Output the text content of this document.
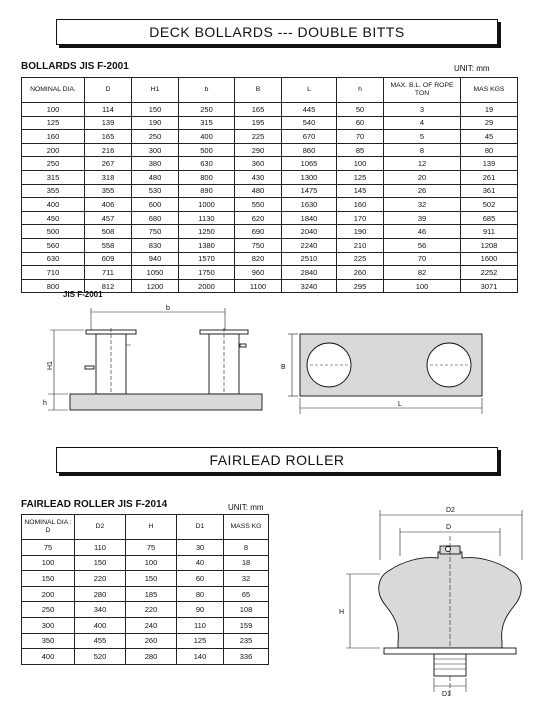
DECK BOLLARDS --- DOUBLE BITTS
BOLLARDS JIS F-2001	UNIT: mm
NOMINAL DIA.	D	H1	b	B	L	h	MAX. B.L. OF ROPE TON	MAS KGS
100	114	150	250	165	445	50	3	19
125	139	190	315	195	540	60	4	29
160	165	250	400	225	670	70	5	45
200	216	300	500	290	860	85	8	80
250	267	380	630	360	1065	100	12	139
315	318	480	800	430	1300	125	20	261
355	355	530	890	480	1475	145	26	361
400	406	600	1000	550	1630	160	32	502
450	457	680	1130	620	1840	170	39	685
500	508	750	1250	690	2040	190	46	911
560	558	830	1380	750	2240	210	56	1208
630	609	940	1570	820	2510	225	70	1600
710	711	1050	1750	960	2840	260	82	2252
800	812	1200	2000	1100	3240	295	100	3071
JIS F-2001
b
H1
h
B
L
FAIRLEAD ROLLER
FAIRLEAD ROLLER JIS F-2014	UNIT: mm
NOMINAL DIA : D	D2	H	D1	MASS KG
75	110	75	30	8
100	150	100	40	18
150	220	150	60	32
200	280	185	80	65
250	340	220	90	108
300	400	240	110	159
350	455	260	125	235
400	520	280	140	336
D2
D
H
D1
